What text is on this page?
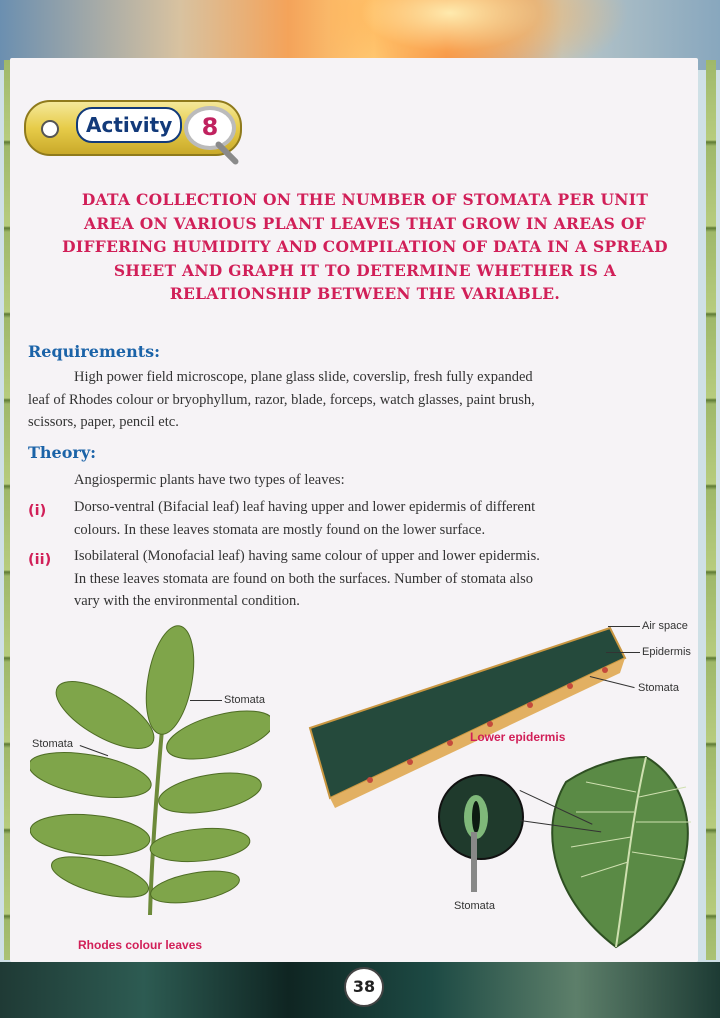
Activity	8
DATA COLLECTION ON THE NUMBER OF STOMATA PER UNIT
AREA ON VARIOUS PLANT LEAVES THAT GROW IN AREAS OF
DIFFERING HUMIDITY AND COMPILATION OF DATA IN A SPREAD
SHEET AND GRAPH IT TO DETERMINE WHETHER IS A
RELATIONSHIP BETWEEN THE VARIABLE.
Requirements:
High power field microscope, plane glass slide, coverslip, fresh fully expanded
leaf of Rhodes colour or bryophyllum, razor, blade, forceps, watch glasses, paint brush,
scissors, paper, pencil etc.
Theory:
Angiospermic plants have two types of leaves:
(i) Dorso-ventral (Bifacial leaf) leaf having upper and lower epidermis of different
colours. In these leaves stomata are mostly found on the lower surface.
(ii) Isobilateral (Monofacial leaf) having same colour of upper and lower epidermis.
In these leaves stomata are found on both the surfaces. Number of stomata also
vary with the environmental condition.
Air space
Epidermis
Stomata
Stomata
Stomata
Stomata
Lower epidermis
Rhodes colour leaves
38
